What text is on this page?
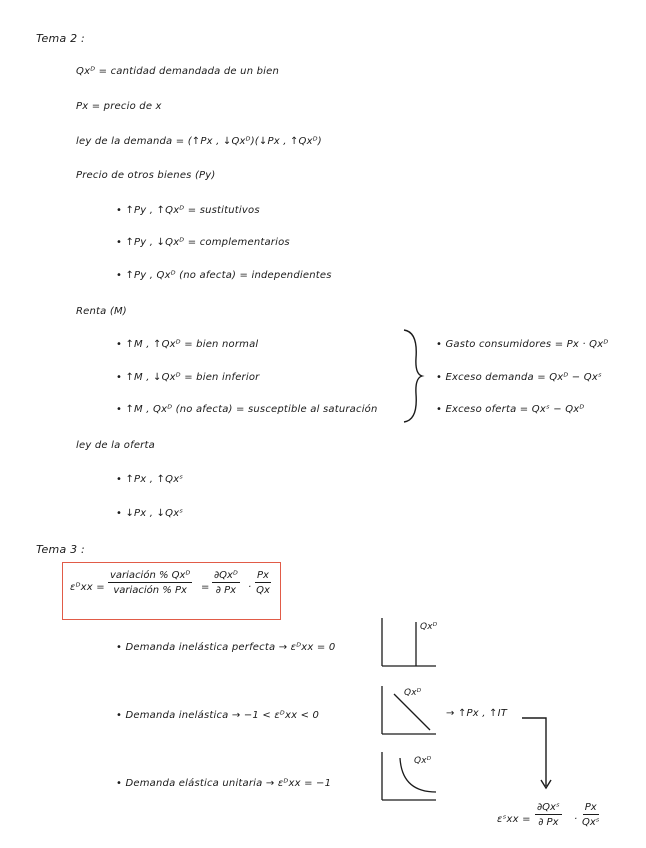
Tema 2 :
Qxᴰ = cantidad demandada de un bien
Px = precio de x
ley de la demanda = (↑Px , ↓Qxᴰ)(↓Px , ↑Qxᴰ)
Precio de otros bienes (Py)
• ↑Py , ↑Qxᴰ = sustitutivos
• ↑Py , ↓Qxᴰ = complementarios
• ↑Py , Qxᴰ (no afecta) = independientes
Renta (M)
• ↑M , ↑Qxᴰ = bien normal
• ↑M , ↓Qxᴰ = bien inferior
• ↑M , Qxᴰ (no afecta) = susceptible al saturación
• Gasto consumidores = Px · Qxᴰ
• Exceso demanda = Qxᴰ − Qxˢ
• Exceso oferta = Qxˢ − Qxᴰ
ley de la oferta
• ↑Px , ↑Qxˢ
• ↓Px , ↓Qxˢ
Tema 3 :
εᴰxx =
variación % Qxᴰ
variación % Px =
∂Qxᴰ
∂ $Px \cdot \frac{Px}{Qx}$
• Demanda inelástica perfecta → εᴰxx = 0
• Demanda inelástica → −1 < εᴰxx < 0
• Demanda elástica unitaria → εᴰxx = −1
Qxᴰ
Qxᴰ
Qxᴰ
→ ↑Px , ↑IT
εˢxx =
∂Qxˢ
∂ Px ·
Px
Qxˢ
